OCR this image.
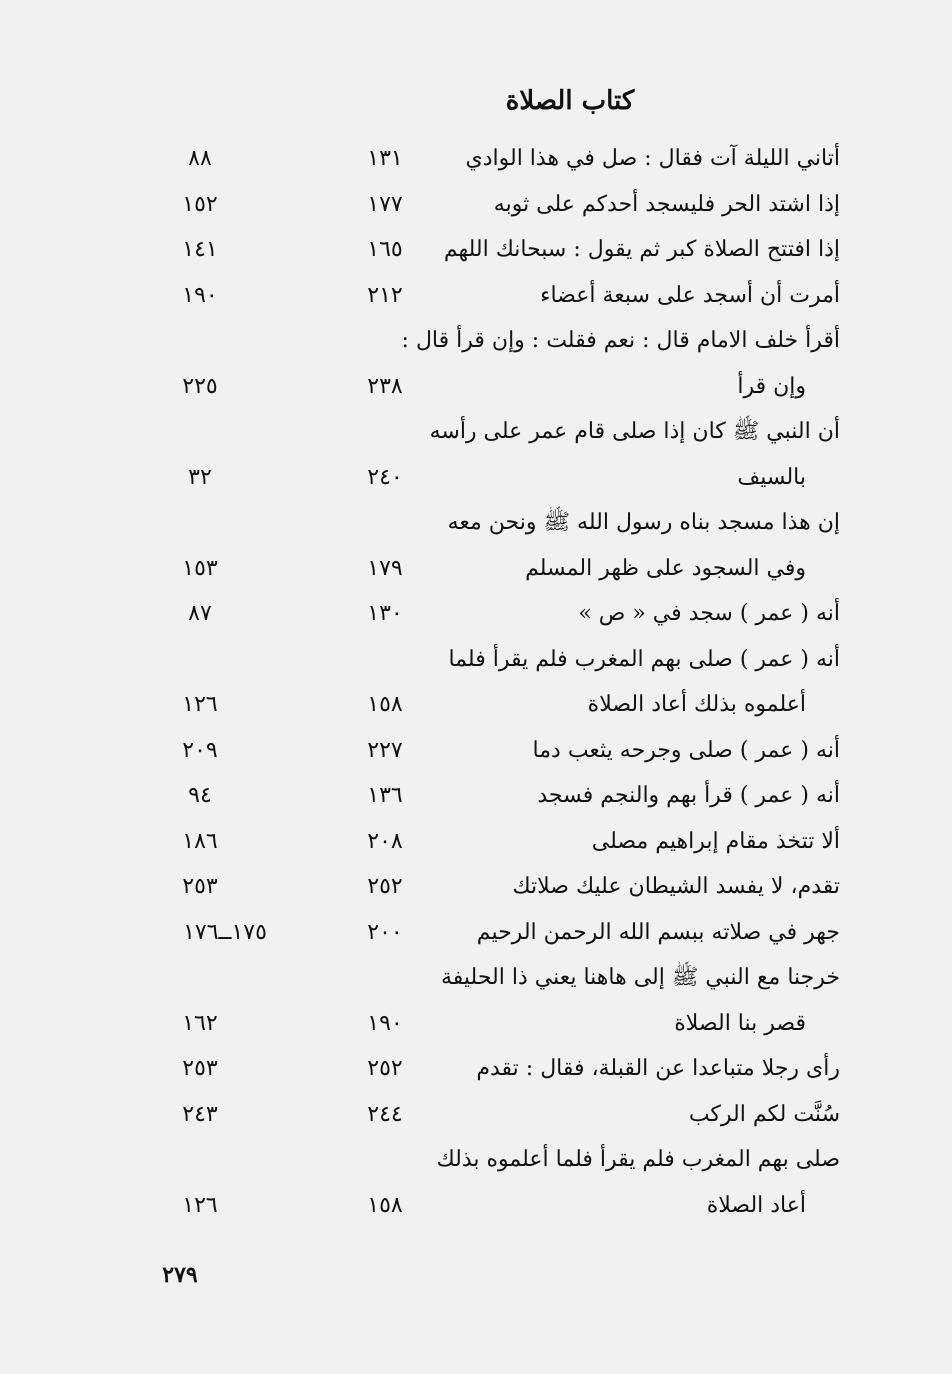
كتاب الصلاة
أتاني الليلة آت فقال : صل في هذا الوادي
١٣١
٨٨
إذا اشتد الحر فليسجد أحدكم على ثوبه
١٧٧
١٥٢
إذا افتتح الصلاة كبر ثم يقول : سبحانك اللهم
١٦٥
١٤١
أمرت أن أسجد على سبعة أعضاء
٢١٢
١٩٠
أقرأ خلف الامام قال : نعم فقلت : وإن قرأ قال :
وإن قرأ
٢٣٨
٢٢٥
أن النبي ﷺ كان إذا صلى قام عمر على رأسه
بالسيف
٢٤٠
٣٢
إن هذا مسجد بناه رسول الله ﷺ ونحن معه
وفي السجود على ظهر المسلم
١٧٩
١٥٣
أنه ( عمر ) سجد في « ص »
١٣٠
٨٧
أنه ( عمر ) صلى بهم المغرب فلم يقرأ فلما
أعلموه بذلك أعاد الصلاة
١٥٨
١٢٦
أنه ( عمر ) صلى وجرحه يثعب دما
٢٢٧
٢٠٩
أنه ( عمر ) قرأ بهم والنجم فسجد
١٣٦
٩٤
ألا تتخذ مقام إبراهيم مصلى
٢٠٨
١٨٦
تقدم، لا يفسد الشيطان عليك صلاتك
٢٥٢
٢٥٣
جهر في صلاته ببسم الله الرحمن الرحيم
٢٠٠
١٧٥ــ١٧٦
خرجنا مع النبي ﷺ إلى هاهنا يعني ذا الحليفة
قصر بنا الصلاة
١٩٠
١٦٢
رأى رجلا متباعدا عن القبلة، فقال : تقدم
٢٥٢
٢٥٣
سُنَّت لكم الركب
٢٤٤
٢٤٣
صلى بهم المغرب فلم يقرأ فلما أعلموه بذلك
أعاد الصلاة
١٥٨
١٢٦
٢٧٩
